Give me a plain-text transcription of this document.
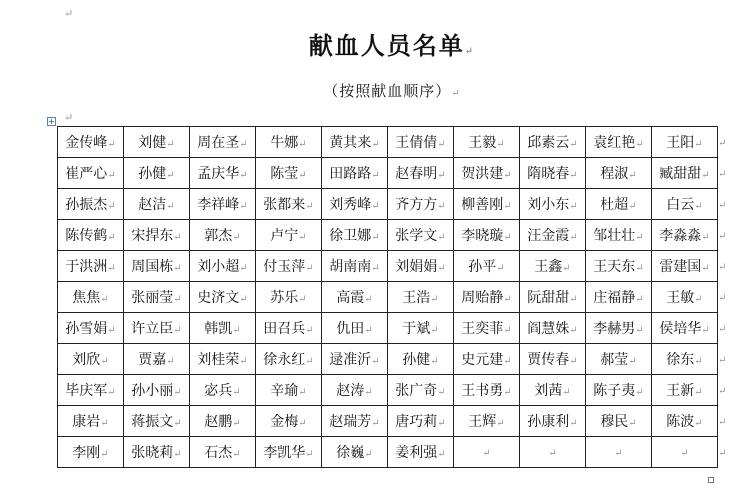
↵
献血人员名单↵
（按照献血顺序）↵
↵
金传峰↵	刘健↵	周在圣↵	牛娜↵	黄其来↵	王倩倩↵	王毅↵	邱素云↵	袁红艳↵	王阳↵	↵
崔严心↵	孙健↵	孟庆华↵	陈莹↵	田路路↵	赵春明↵	贺洪建↵	隋晓春↵	程淑↵	臧甜甜↵	↵
孙振杰↵	赵洁↵	李祥峰↵	张都来↵	刘秀峰↵	齐方方↵	柳善刚↵	刘小东↵	杜超↵	白云↵	↵
陈传鹤↵	宋捍东↵	郭杰↵	卢宁↵	徐卫娜↵	张学文↵	李晓璇↵	汪金霞↵	邹壮壮↵	李淼淼↵	↵
于洪洲↵	周国栋↵	刘小超↵	付玉萍↵	胡南南↵	刘娟娟↵	孙平↵	王鑫↵	王天东↵	雷建国↵	↵
焦焦↵	张丽莹↵	史济文↵	苏乐↵	高霞↵	王浩↵	周贻静↵	阮甜甜↵	庄福静↵	王敏↵	↵
孙雪娟↵	许立臣↵	韩凯↵	田召兵↵	仇田↵	于斌↵	王奕菲↵	阎慧姝↵	李赫男↵	侯培华↵	↵
刘欣↵	贾嘉↵	刘桂荣↵	徐永红↵	逯准沂↵	孙健↵	史元建↵	贾传春↵	郝莹↵	徐东↵	↵
毕庆军↵	孙小丽↵	宓兵↵	辛瑜↵	赵涛↵	张广奇↵	王书勇↵	刘茜↵	陈子夷↵	王新↵	↵
康岩↵	蒋振文↵	赵鹏↵	金梅↵	赵瑞芳↵	唐巧莉↵	王辉↵	孙康利↵	穆民↵	陈波↵	↵
李刚↵	张晓莉↵	石杰↵	李凯华↵	徐巍↵	姜利强↵	↵	↵	↵	↵	↵
